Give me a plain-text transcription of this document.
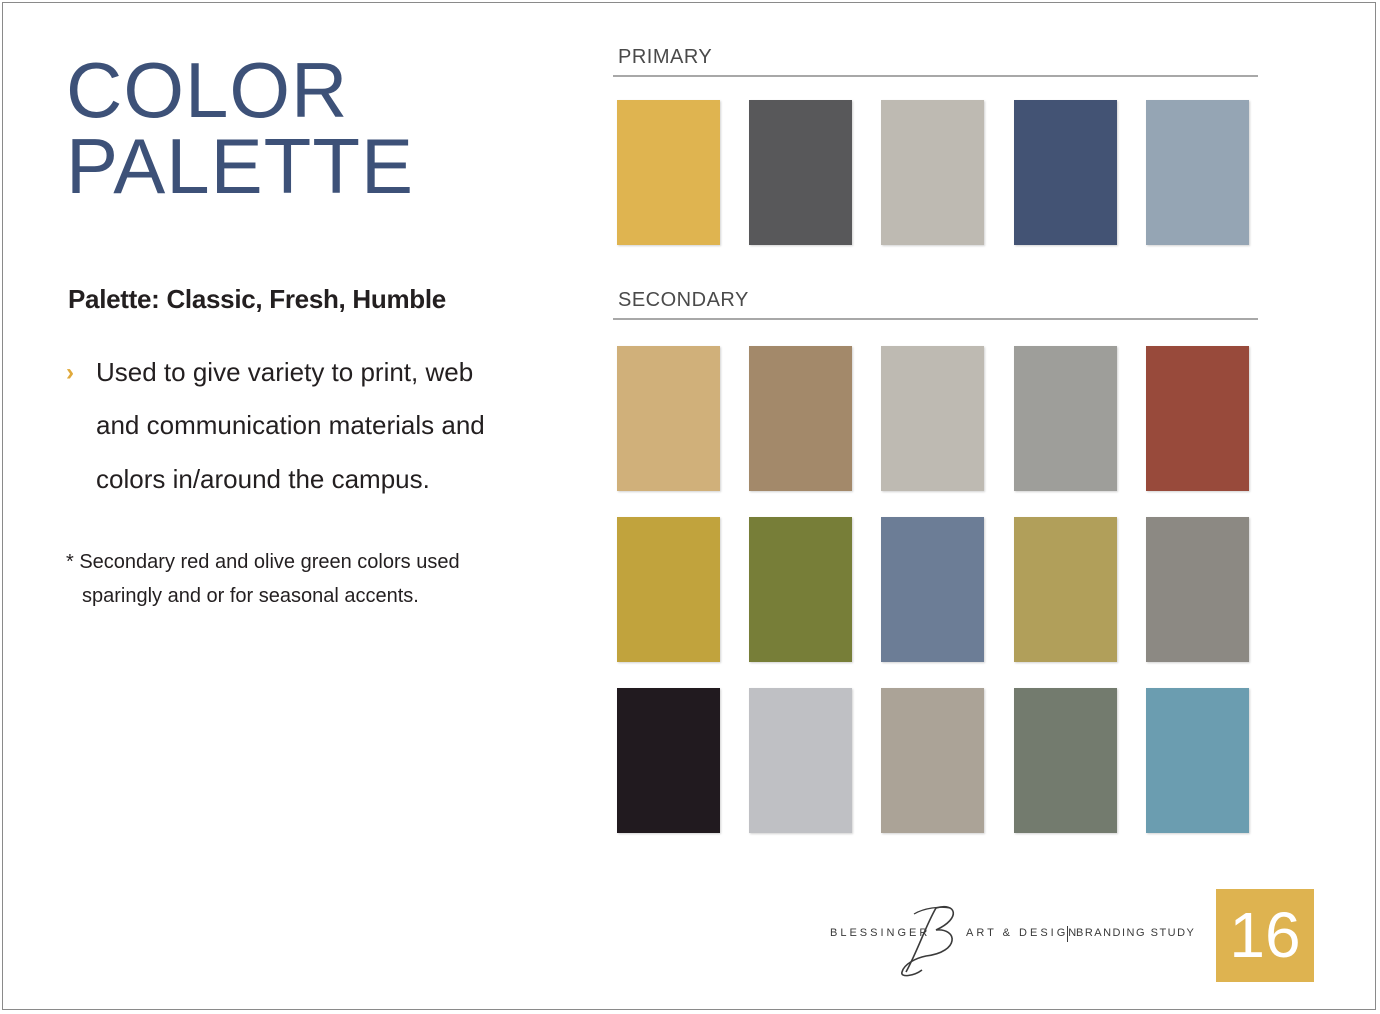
COLOR
PALETTE
Palette: Classic, Fresh, Humble
› Used to give variety to print, web
and communication materials and
colors in/around the campus.
* Secondary red and olive green colors used
sparingly and or for seasonal accents.
PRIMARY
SECONDARY
BLESSINGER	ART & DESIGN
BRANDING STUDY 16
